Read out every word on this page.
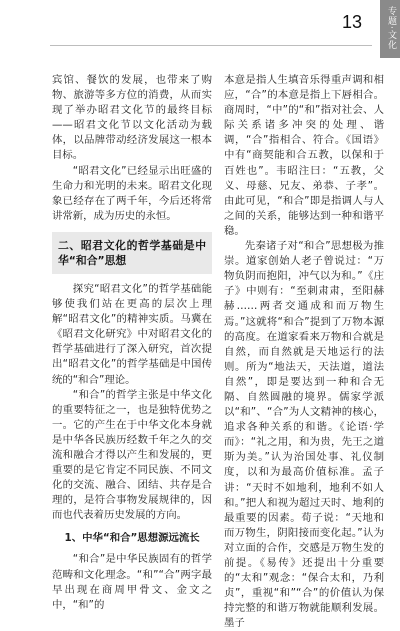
专题·文化
13

宾馆、餐饮的发展，也带来了购物、旅游等多方位的消费，从而实现了举办昭君文化节的最终目标——昭君文化节以文化活动为载体，以品牌带动经济发展这一根本目标。

“昭君文化”已经显示出旺盛的生命力和光明的未来。昭君文化现象已经存在了两千年，今后还将常讲常新，成为历史的永恒。

二、昭君文化的哲学基础是中华“和合”思想

探究“昭君文化”的哲学基础能够使我们站在更高的层次上理解“昭君文化”的精神实质。马冀在《昭君文化研究》中对昭君文化的哲学基础进行了深入研究，首次提出“昭君文化”的哲学基础是中国传统的“和合”理论。

“和合”的哲学主张是中华文化的重要特征之一，也是独特优势之一。它的产生在于中华文化本身就是中华各民族历经数千年之久的交流和融合才得以产生和发展的，更重要的是它肯定不同民族、不同文化的交流、融合、团结、共存是合理的，是符合事物发展规律的，因而也代表着历史发展的方向。

1、中华“和合”思想源远流长

“和合”是中华民族固有的哲学范畴和文化理念。“和”“合”两字最早出现在商周甲骨文、金文之中，“和”的

本意是指人生填音乐得重声调和相应，“合”的本意是指上下唇相合。商周时，“中”的“和”指对社会、人际关系诸多冲突的处理、谐调，“合”指相合、符合。《国语》中有“商契能和合五教，以保和于百姓也”。韦昭注曰：“五教，父义、母慈、兄友、弟恭、子孝”。由此可见，“和合”即是指调人与人之间的关系，能够达到一种和谐平稳。

先秦诸子对“和合”思想极为推崇。道家创始人老子曾说过：“万物负阴而抱阳，冲气以为和。”《庄子》中则有：“至刺肃肃，至阳赫赫……两者交通成和而万物生焉。”这就将“和合”提到了万物本源的高度。在道家看来万物和合就是自然，而自然就是天地运行的法则。所为“地法天，天法道，道法自然”，即是要达到一种和合无隔、自然圆融的境界。儒家学派以“和”、“合”为人文精神的核心，追求各种关系的和谐。《论语·学而》：“礼之用，和为贵，先王之道斯为美。”认为治国处事、礼仪制度，以和为最高价值标准。孟子讲：“天时不如地利，地利不如人和。”把人和视为超过天时、地利的最重要的因素。荀子说：“天地和而万物生，阴阳接而变化起。”认为对立面的合作，交感是万物生发的前提。《易传》还提出十分重要的“太和”观念：“保合太和，乃利贞”，重视“和”“合”的价值认为保持完整的和谐万物就能顺利发展。墨子
